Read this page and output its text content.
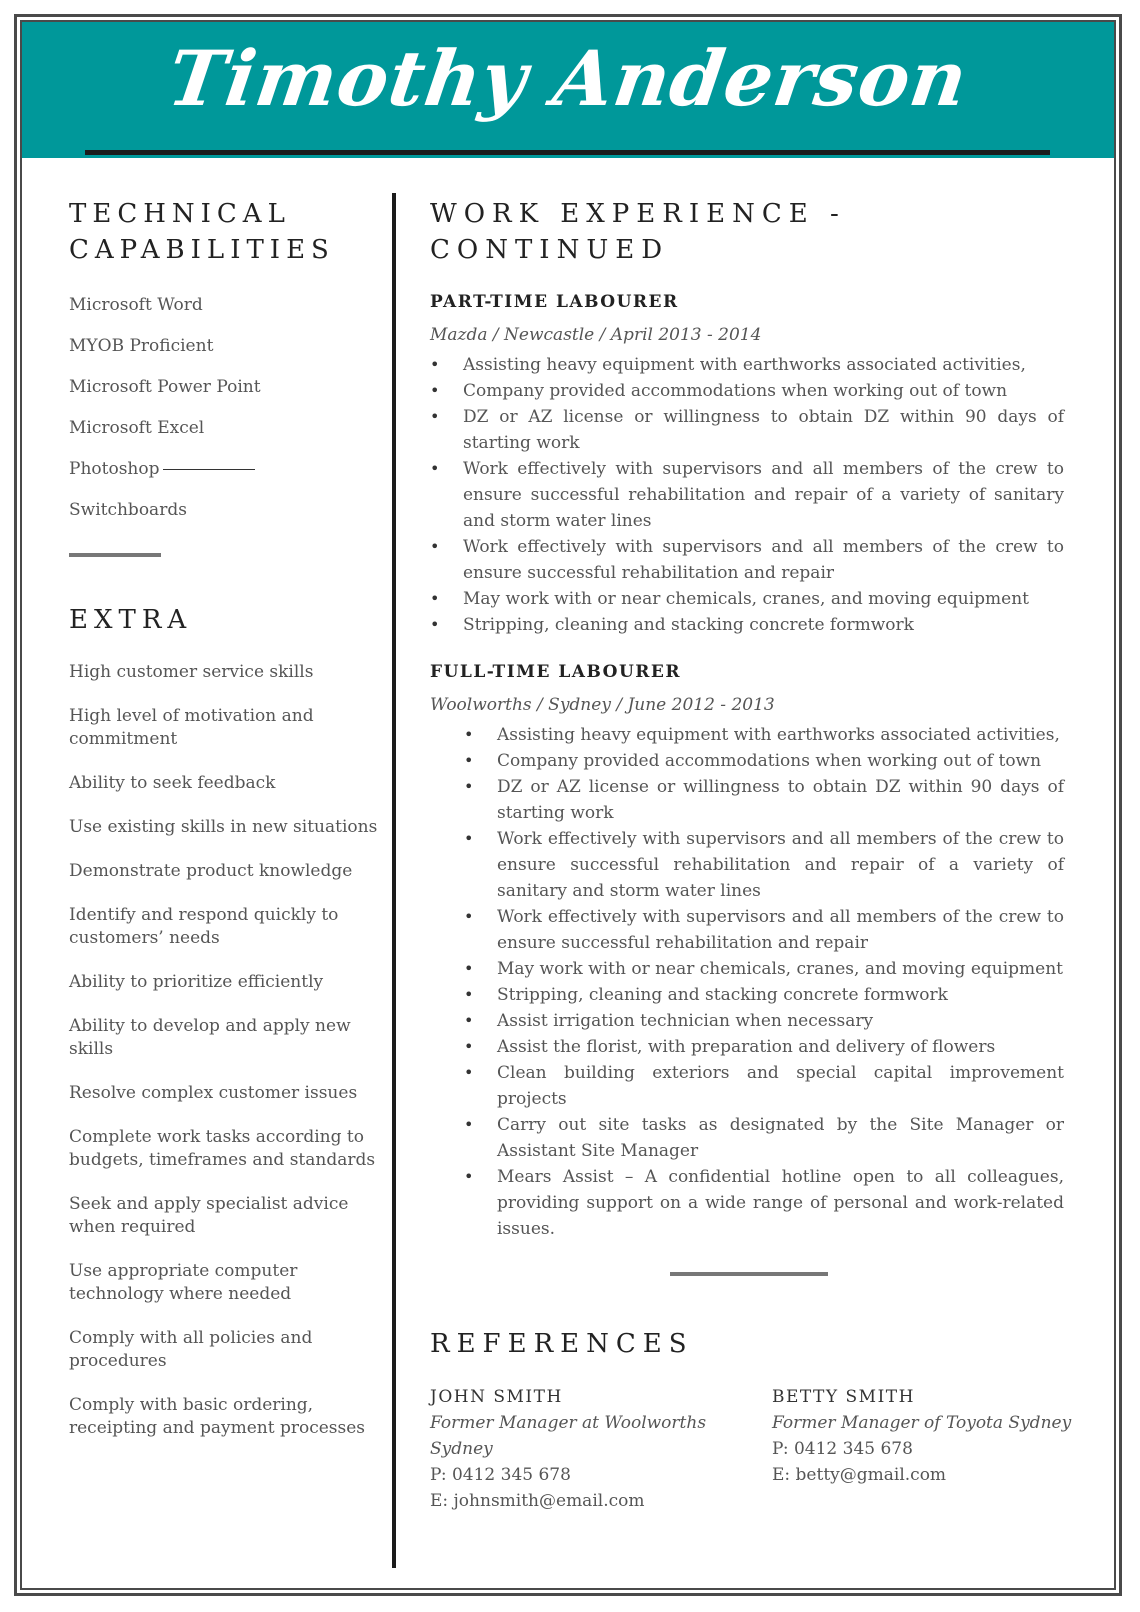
Timothy Anderson
TECHNICAL
CAPABILITIES
Microsoft Word
MYOB Proficient
Microsoft Power Point
Microsoft Excel
Photoshop
Switchboards
EXTRA
High customer service skills
High level of motivation and commitment
Ability to seek feedback
Use existing skills in new situations
Demonstrate product knowledge
Identify and respond quickly to customers’ needs
Ability to prioritize efficiently
Ability to develop and apply new skills
Resolve complex customer issues
Complete work tasks according to budgets, timeframes and standards
Seek and apply specialist advice when required
Use appropriate computer technology where needed
Comply with all policies and procedures
Comply with basic ordering, receipting and payment processes
WORK EXPERIENCE - CONTINUED
PART-TIME LABOURER
Mazda / Newcastle / April 2013 - 2014
• Assisting heavy equipment with earthworks associated activities,
• Company provided accommodations when working out of town
• DZ or AZ license or willingness to obtain DZ within 90 days of starting work
• Work effectively with supervisors and all members of the crew to ensure successful rehabilitation and repair of a variety of sanitary and storm water lines
• Work effectively with supervisors and all members of the crew to ensure successful rehabilitation and repair
• May work with or near chemicals, cranes, and moving equipment
• Stripping, cleaning and stacking concrete formwork
FULL-TIME LABOURER
Woolworths / Sydney / June 2012 - 2013
• Assisting heavy equipment with earthworks associated activities,
• Company provided accommodations when working out of town
• DZ or AZ license or willingness to obtain DZ within 90 days of starting work
• Work effectively with supervisors and all members of the crew to ensure successful rehabilitation and repair of a variety of sanitary and storm water lines
• Work effectively with supervisors and all members of the crew to ensure successful rehabilitation and repair
• May work with or near chemicals, cranes, and moving equipment
• Stripping, cleaning and stacking concrete formwork
• Assist irrigation technician when necessary
• Assist the florist, with preparation and delivery of flowers
• Clean building exteriors and special capital improvement projects
• Carry out site tasks as designated by the Site Manager or Assistant Site Manager
• Mears Assist – A confidential hotline open to all colleagues, providing support on a wide range of personal and work-related issues.
REFERENCES
JOHN SMITH
Former Manager at Woolworths Sydney
P: 0412 345 678
E: johnsmith@email.com
BETTY SMITH
Former Manager of Toyota Sydney
P: 0412 345 678
E: betty@gmail.com
